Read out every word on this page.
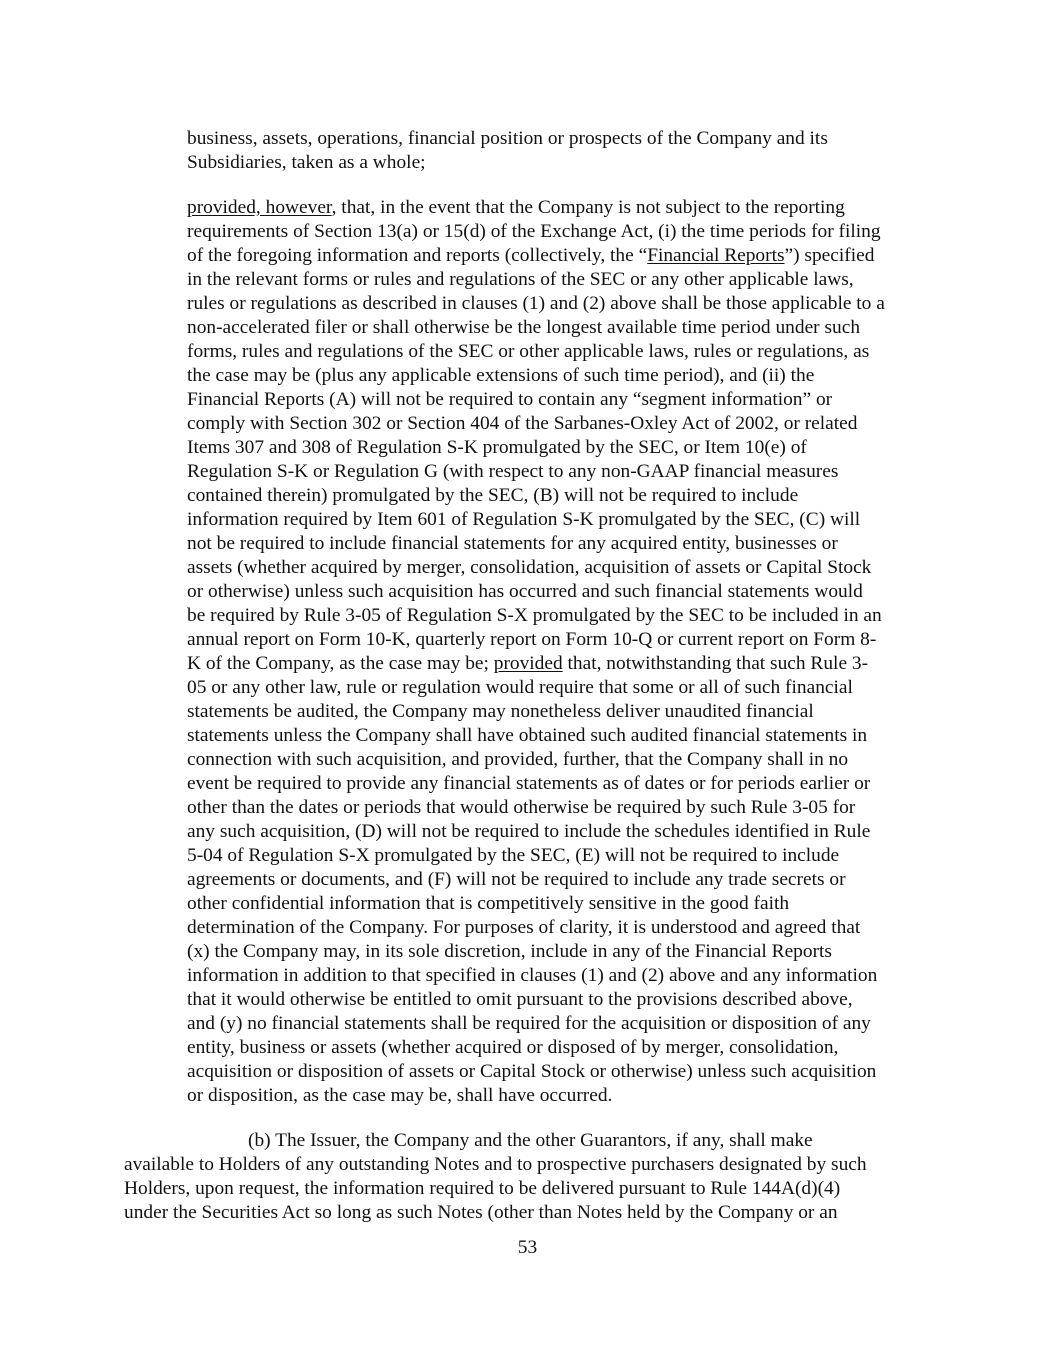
business, assets, operations, financial position or prospects of the Company and its
Subsidiaries, taken as a whole;
provided, however, that, in the event that the Company is not subject to the reporting
requirements of Section 13(a) or 15(d) of the Exchange Act, (i) the time periods for filing
of the foregoing information and reports (collectively, the “Financial Reports”) specified
in the relevant forms or rules and regulations of the SEC or any other applicable laws,
rules or regulations as described in clauses (1) and (2) above shall be those applicable to a
non-accelerated filer or shall otherwise be the longest available time period under such
forms, rules and regulations of the SEC or other applicable laws, rules or regulations, as
the case may be (plus any applicable extensions of such time period), and (ii) the
Financial Reports (A) will not be required to contain any “segment information” or
comply with Section 302 or Section 404 of the Sarbanes-Oxley Act of 2002, or related
Items 307 and 308 of Regulation S-K promulgated by the SEC, or Item 10(e) of
Regulation S-K or Regulation G (with respect to any non-GAAP financial measures
contained therein) promulgated by the SEC, (B) will not be required to include
information required by Item 601 of Regulation S-K promulgated by the SEC, (C) will
not be required to include financial statements for any acquired entity, businesses or
assets (whether acquired by merger, consolidation, acquisition of assets or Capital Stock
or otherwise) unless such acquisition has occurred and such financial statements would
be required by Rule 3-05 of Regulation S-X promulgated by the SEC to be included in an
annual report on Form 10-K, quarterly report on Form 10-Q or current report on Form 8-
K of the Company, as the case may be; provided that, notwithstanding that such Rule 3-
05 or any other law, rule or regulation would require that some or all of such financial
statements be audited, the Company may nonetheless deliver unaudited financial
statements unless the Company shall have obtained such audited financial statements in
connection with such acquisition, and provided, further, that the Company shall in no
event be required to provide any financial statements as of dates or for periods earlier or
other than the dates or periods that would otherwise be required by such Rule 3-05 for
any such acquisition, (D) will not be required to include the schedules identified in Rule
5-04 of Regulation S-X promulgated by the SEC, (E) will not be required to include
agreements or documents, and (F) will not be required to include any trade secrets or
other confidential information that is competitively sensitive in the good faith
determination of the Company. For purposes of clarity, it is understood and agreed that
(x) the Company may, in its sole discretion, include in any of the Financial Reports
information in addition to that specified in clauses (1) and (2) above and any information
that it would otherwise be entitled to omit pursuant to the provisions described above,
and (y) no financial statements shall be required for the acquisition or disposition of any
entity, business or assets (whether acquired or disposed of by merger, consolidation,
acquisition or disposition of assets or Capital Stock or otherwise) unless such acquisition
or disposition, as the case may be, shall have occurred.
(b) The Issuer, the Company and the other Guarantors, if any, shall make
available to Holders of any outstanding Notes and to prospective purchasers designated by such
Holders, upon request, the information required to be delivered pursuant to Rule 144A(d)(4)
under the Securities Act so long as such Notes (other than Notes held by the Company or an
53
